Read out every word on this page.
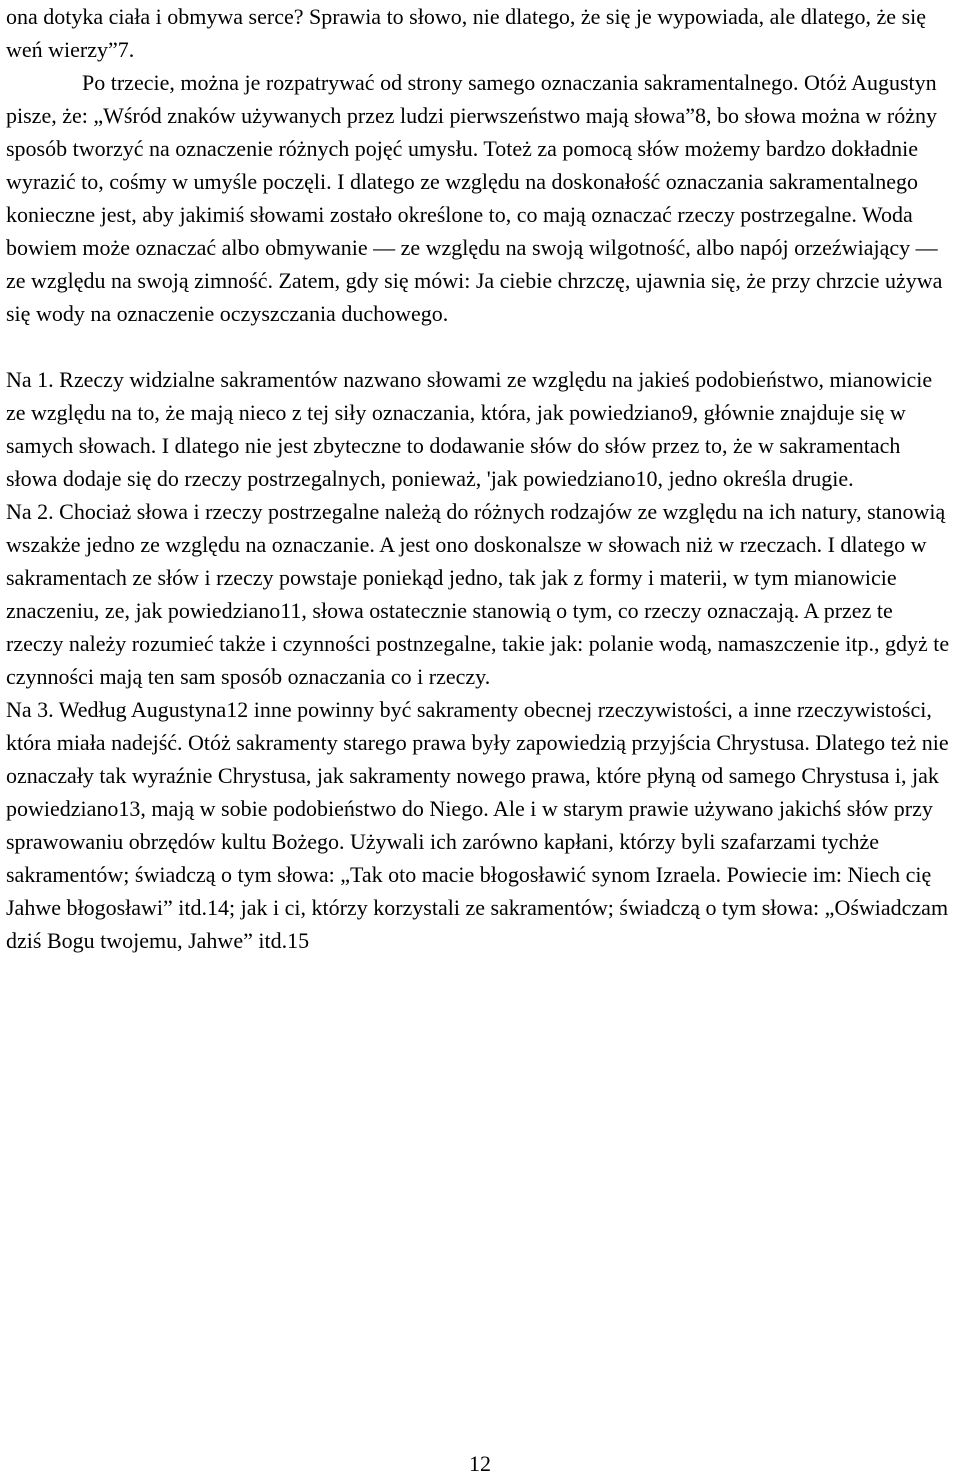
ona dotyka ciała i obmywa serce? Sprawia to słowo, nie dlatego, że się je wypowiada, ale dlatego, że się weń wierzy”7.

Po trzecie, można je rozpatrywać od strony samego oznaczania sakramentalnego. Otóż Augustyn pisze, że: „Wśród znaków używanych przez ludzi pierwszeństwo mają słowa”8, bo słowa można w różny sposób tworzyć na oznaczenie różnych pojęć umysłu. Toteż za pomocą słów możemy bardzo dokładnie wyrazić to, cośmy w umyśle poczęli. I dlatego ze względu na doskonałość oznaczania sakramentalnego konieczne jest, aby jakimiś słowami zostało określone to, co mają oznaczać rzeczy postrzegalne. Woda bowiem może oznaczać albo obmywanie — ze względu na swoją wilgotność, albo napój orzeźwiający — ze względu na swoją zimność. Zatem, gdy się mówi: Ja ciebie chrzczę, ujawnia się, że przy chrzcie używa się wody na oznaczenie oczyszczania duchowego.

Na 1. Rzeczy widzialne sakramentów nazwano słowami ze względu na jakieś podobieństwo, mianowicie ze względu na to, że mają nieco z tej siły oznaczania, która, jak powiedziano9, głównie znajduje się w samych słowach. I dlatego nie jest zbyteczne to dodawanie słów do słów przez to, że w sakramentach słowa dodaje się do rzeczy postrzegalnych, ponieważ, 'jak powiedziano10, jedno określa drugie.

Na 2. Chociaż słowa i rzeczy postrzegalne należą do różnych rodzajów ze względu na ich natury, stanowią wszakże jedno ze względu na oznaczanie. A jest ono doskonalsze w słowach niż w rzeczach. I dlatego w sakramentach ze słów i rzeczy powstaje poniekąd jedno, tak jak z formy i materii, w tym mianowicie znaczeniu, ze, jak powiedziano11, słowa ostatecznie stanowią o tym, co rzeczy oznaczają. A przez te rzeczy należy rozumieć także i czynności postnzegalne, takie jak: polanie wodą, namaszczenie itp., gdyż te czynności mają ten sam sposób oznaczania co i rzeczy.

Na 3. Według Augustyna12 inne powinny być sakramenty obecnej rzeczywistości, a inne rzeczywistości, która miała nadejść. Otóż sakramenty starego prawa były zapowiedzią przyjścia Chrystusa. Dlatego też nie oznaczały tak wyraźnie Chrystusa, jak sakramenty nowego prawa, które płyną od samego Chrystusa i, jak powiedziano13, mają w sobie podobieństwo do Niego. Ale i w starym prawie używano jakichś słów przy sprawowaniu obrzędów kultu Bożego. Używali ich zarówno kapłani, którzy byli szafarzami tychże sakramentów; świadczą o tym słowa: „Tak oto macie błogosławić synom Izraela. Powiecie im: Niech cię Jahwe błogosławi” itd.14; jak i ci, którzy korzystali ze sakramentów; świadczą o tym słowa: „Oświadczam dziś Bogu twojemu, Jahwe” itd.15

12
